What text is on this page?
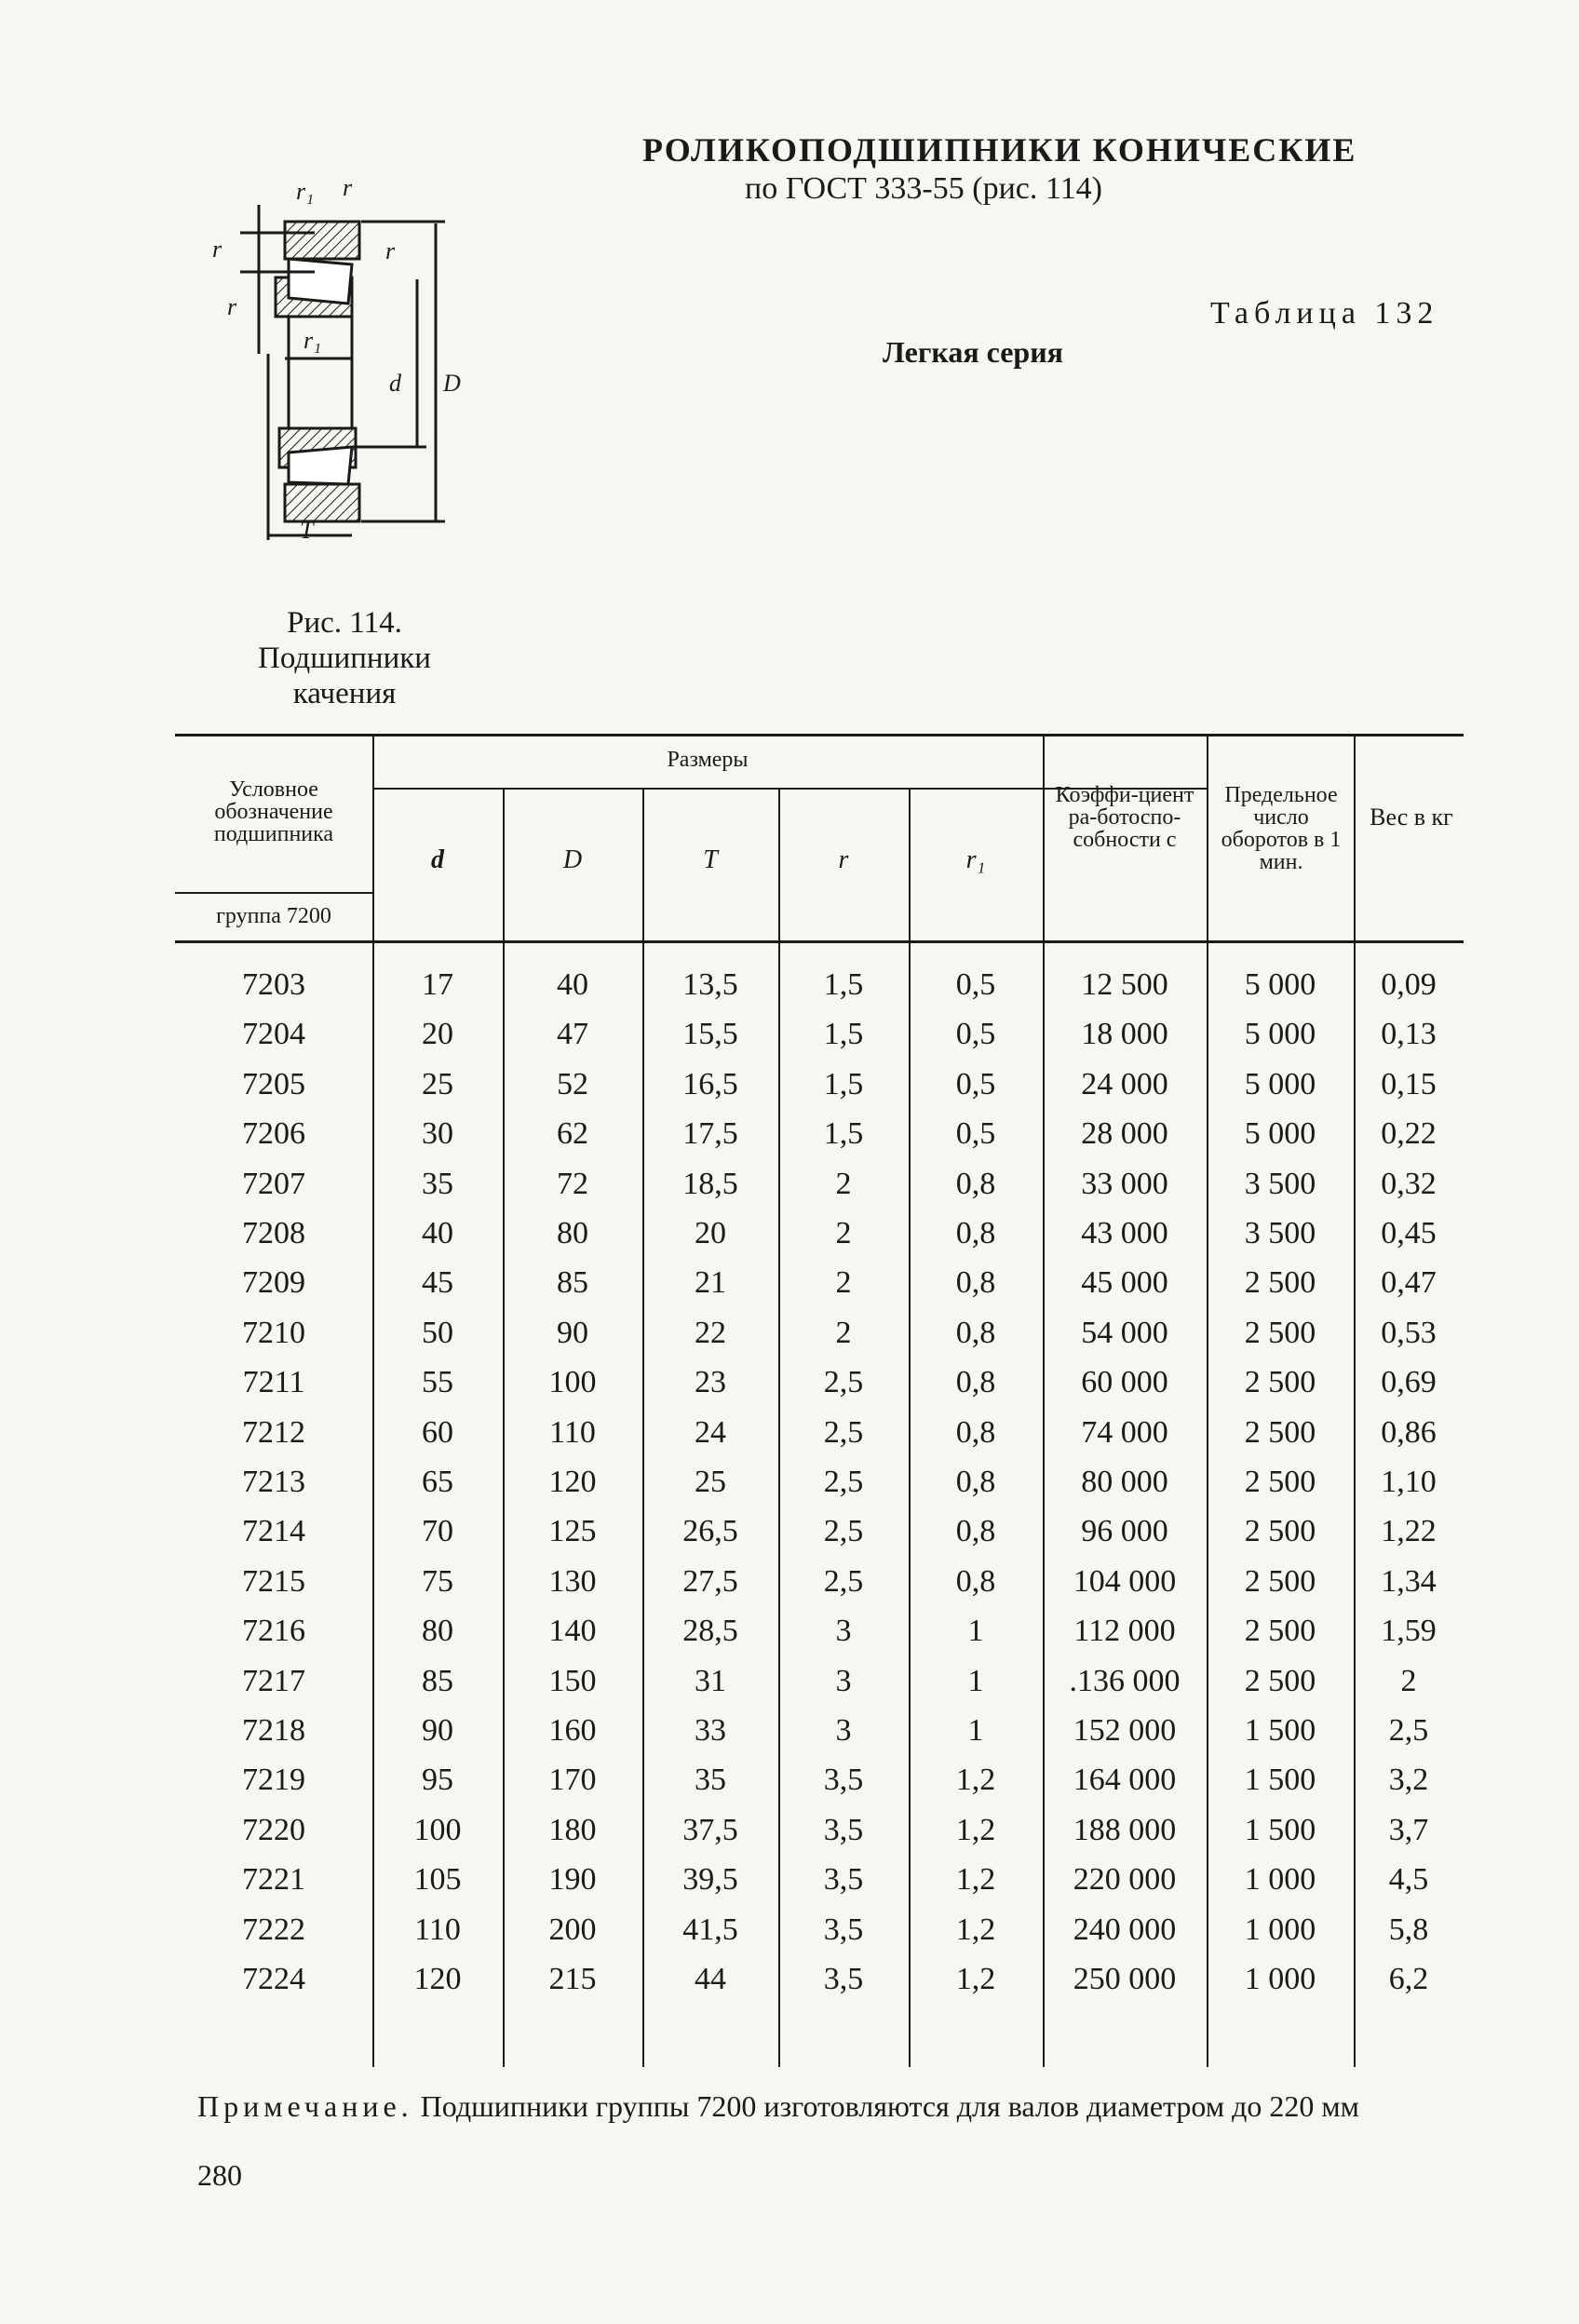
РОЛИКОПОДШИПНИКИ КОНИЧЕСКИЕ
по ГОСТ 333-55 (рис. 114)
Таблица 132
Легкая серия
r₁ r
r	r
r
r₁
d D
T
Рис. 114.
Подшипники
качения
Условное обозначение подшипника
группа 7200
Размеры
d	D	T	r	r₁
Коэффи-циент ра-ботоспо-собности c
Предельное число оборотов в 1 мин.
Вес в кг
7203	17	40	13,5	1,5	0,5	12 500	5 000	0,09
7204	20	47	15,5	1,5	0,5	18 000	5 000	0,13
7205	25	52	16,5	1,5	0,5	24 000	5 000	0,15
7206	30	62	17,5	1,5	0,5	28 000	5 000	0,22
7207	35	72	18,5	2	0,8	33 000	3 500	0,32
7208	40	80	20	2	0,8	43 000	3 500	0,45
7209	45	85	21	2	0,8	45 000	2 500	0,47
7210	50	90	22	2	0,8	54 000	2 500	0,53
7211	55	100	23	2,5	0,8	60 000	2 500	0,69
7212	60	110	24	2,5	0,8	74 000	2 500	0,86
7213	65	120	25	2,5	0,8	80 000	2 500	1,10
7214	70	125	26,5	2,5	0,8	96 000	2 500	1,22
7215	75	130	27,5	2,5	0,8	104 000	2 500	1,34
7216	80	140	28,5	3	1	112 000	2 500	1,59
7217	85	150	31	3	1	.136 000	2 500	2
7218	90	160	33	3	1	152 000	1 500	2,5
7219	95	170	35	3,5	1,2	164 000	1 500	3,2
7220	100	180	37,5	3,5	1,2	188 000	1 500	3,7
7221	105	190	39,5	3,5	1,2	220 000	1 000	4,5
7222	110	200	41,5	3,5	1,2	240 000	1 000	5,8
7224	120	215	44	3,5	1,2	250 000	1 000	6,2
Примечание. Подшипники группы 7200 изготовляются для валов диаметром до 220 мм
280
